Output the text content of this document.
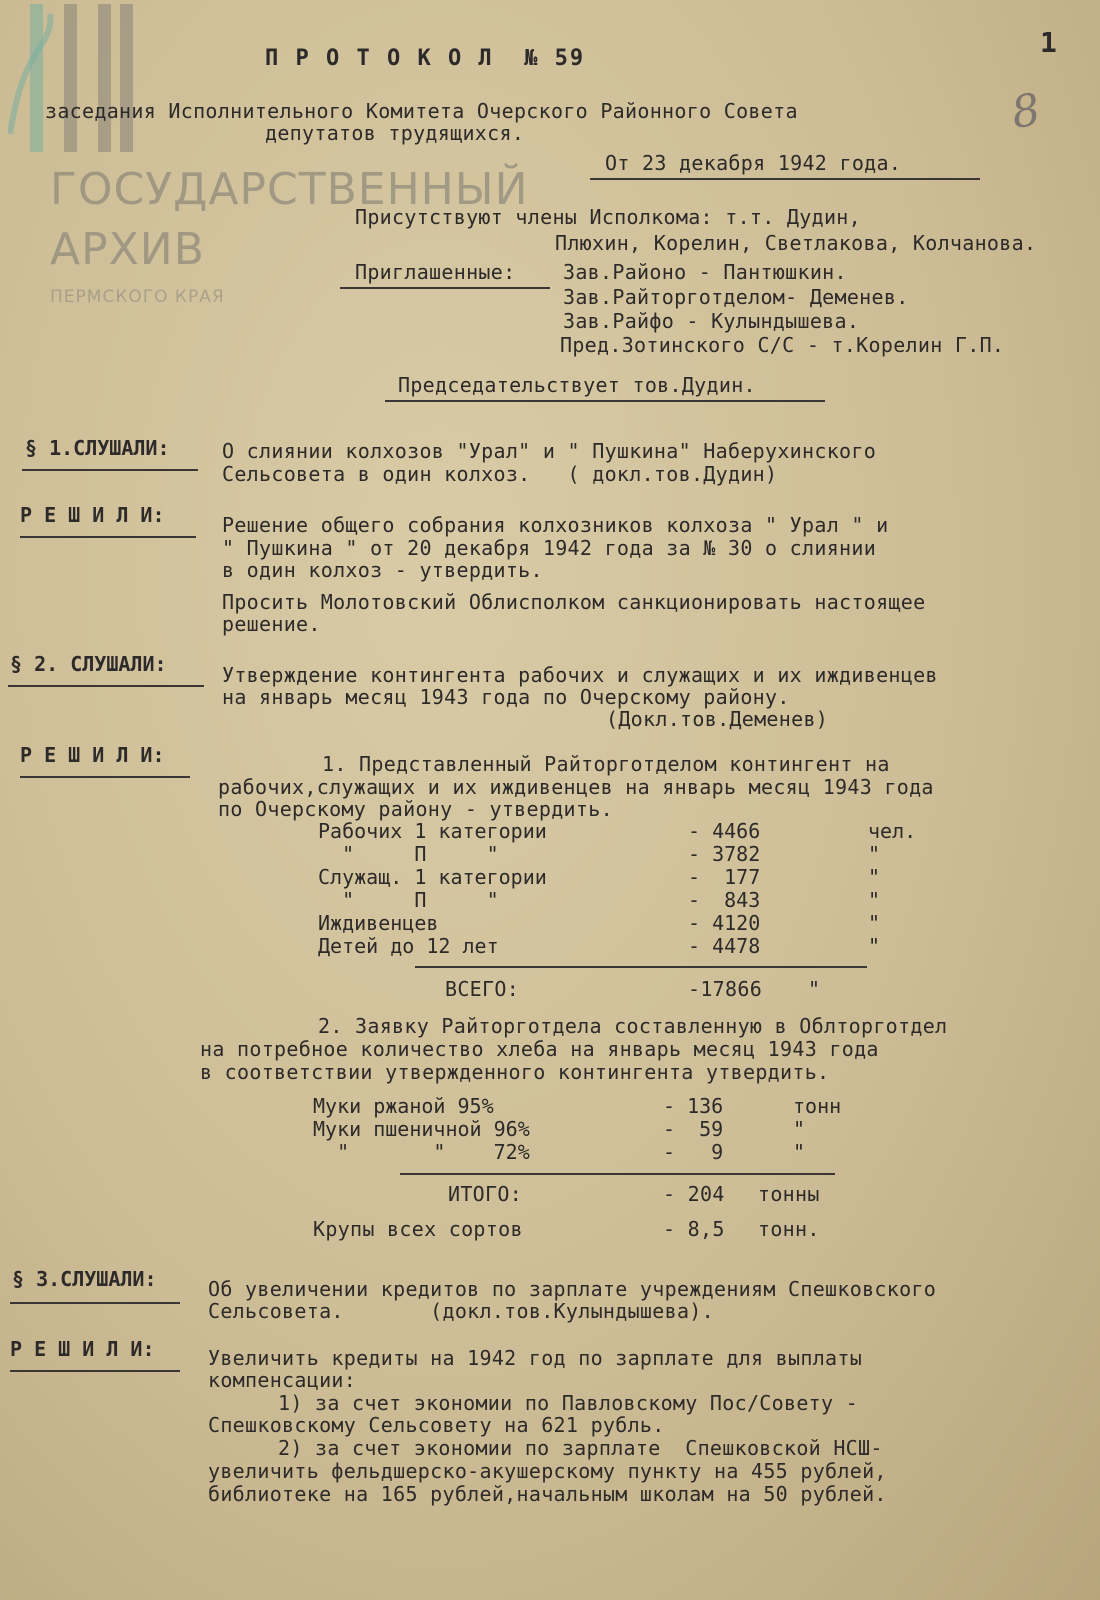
ГОСУДАРСТВЕННЫЙ
АРХИВ
ПЕРМСКОГО КРАЯ
1
8
П Р О Т О К О Л  № 59
заседания Исполнительного Комитета Очерского Районного Совета
депутатов трудящихся.
От 23 декабря 1942 года.
Присутствуют члены Исполкома: т.т. Дудин,
Плюхин, Корелин, Светлакова, Колчанова.
Приглашенные: Зав.Районо - Пантюшкин.
Зав.Райторготделом- Деменев.
Зав.Райфо - Кулындышева.
Пред.Зотинского С/С - т.Корелин Г.П.
Председательствует тов.Дудин.
§ 1.СЛУШАЛИ:	О слиянии колхозов "Урал" и " Пушкина" Наберухинского
Сельсовета в один колхоз.   ( докл.тов.Дудин)
Р Е Ш И Л И:	Решение общего собрания колхозников колхоза " Урал " и
" Пушкина " от 20 декабря 1942 года за № 30 о слиянии
в один колхоз - утвердить.
Просить Молотовский Облисполком санкционировать настоящее
решение.
§ 2. СЛУШАЛИ:	Утверждение контингента рабочих и служащих и их иждивенцев
на январь месяц 1943 года по Очерскому району.
(Докл.тов.Деменев)
Р Е Ш И Л И:	1. Представленный Райторготделом контингент на
рабочих,служащих и их иждивенцев на январь месяц 1943 года
по Очерскому району - утвердить.
Рабочих 1 категории	- 4466	чел.
"     П     "	- 3782	"
Служащ. 1 категории	-  177	"
"     П     "	-  843	"
Иждивенцев	- 4120	"
Детей до 12 лет	- 4478	"
ВСЕГО:	-17866 "
2. Заявку Райторготдела составленную в Облторготдел
на потребное количество хлеба на январь месяц 1943 года
в соответствии утвержденного контингента утвердить.
Муки ржаной 95%	- 136	тонн
Муки пшеничной 96%	-  59	"
"       "    72%	-   9	"
ИТОГО:	- 204 тонны
Крупы всех сортов	- 8,5 тонн.
§ 3.СЛУШАЛИ:	Об увеличении кредитов по зарплате учреждениям Спешковского
Сельсовета.       (докл.тов.Кулындышева).
Р Е Ш И Л И:	Увеличить кредиты на 1942 год по зарплате для выплаты
компенсации:
1) за счет экономии по Павловскому Пос/Совету -
Спешковскому Сельсовету на 621 рубль.
2) за счет экономии по зарплате  Спешковской НСШ-
увеличить фельдшерско-акушерскому пункту на 455 рублей,
библиотеке на 165 рублей,начальным школам на 50 рублей.
